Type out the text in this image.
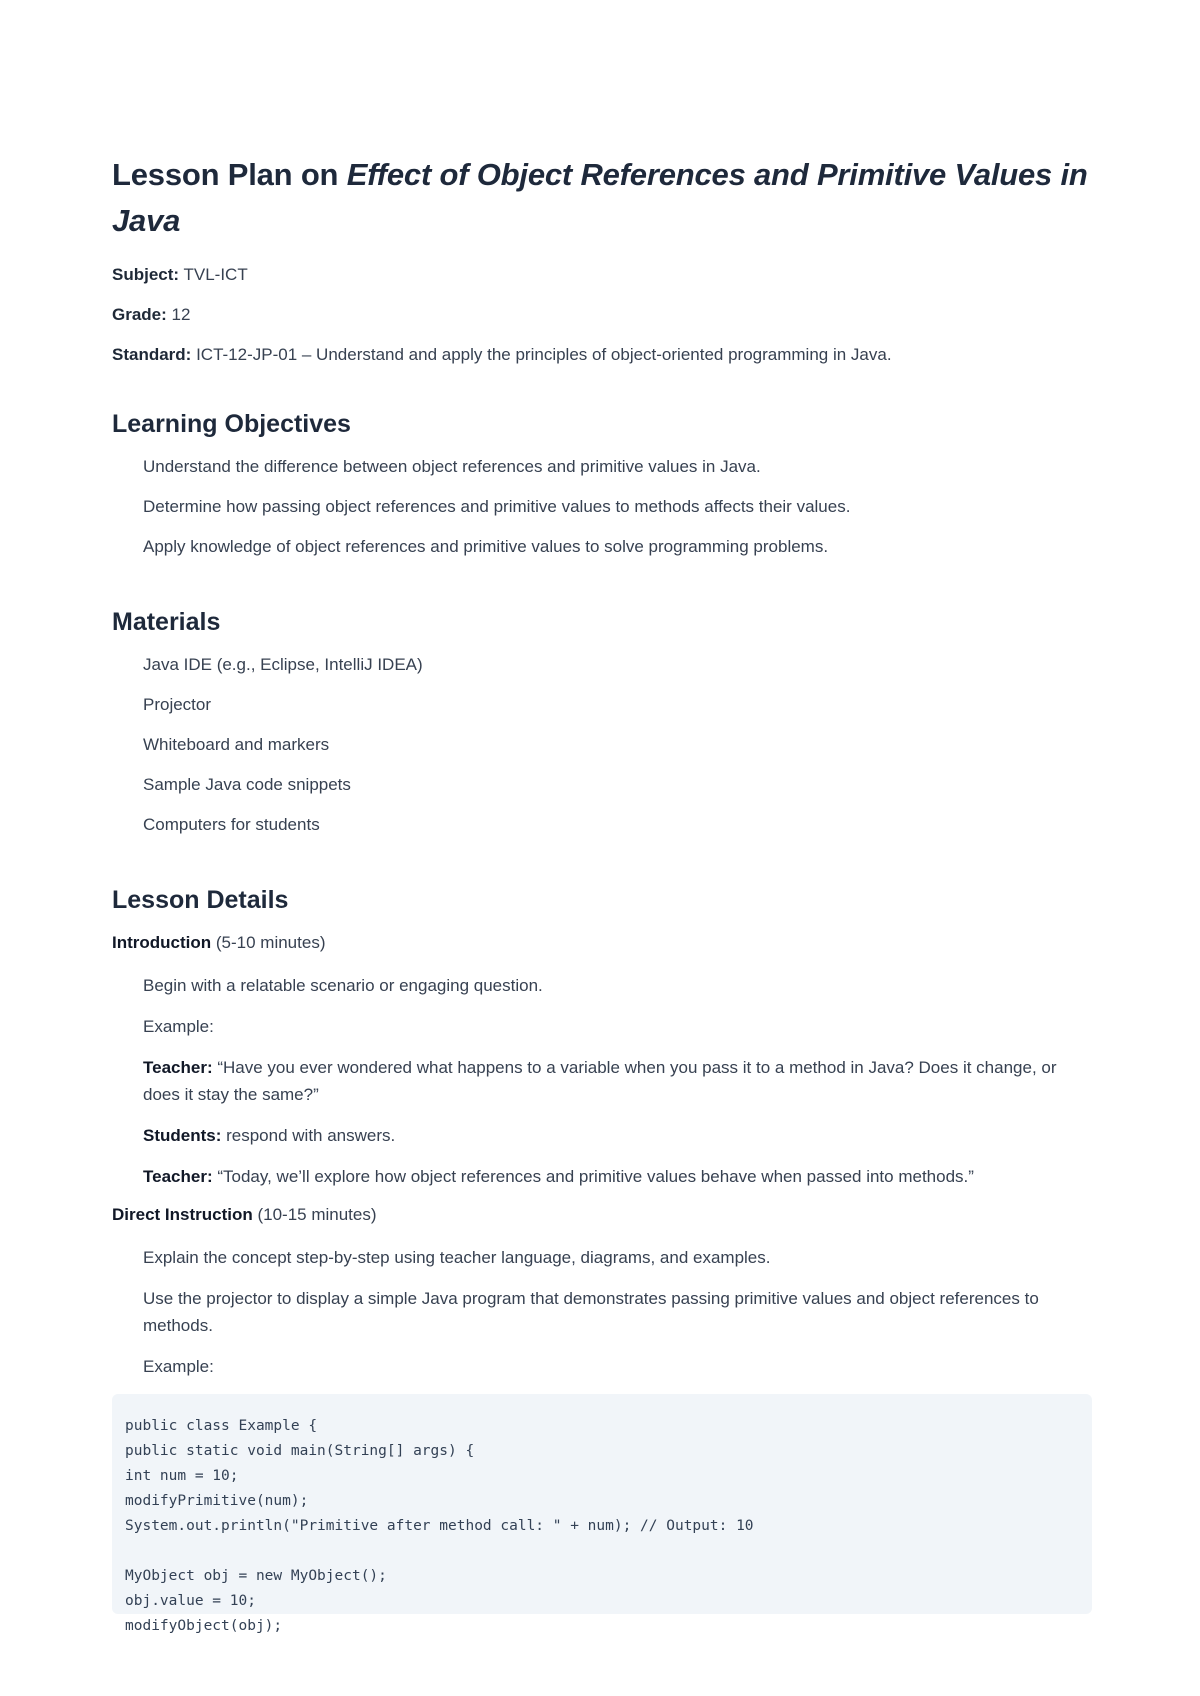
Lesson Plan on Effect of Object References and Primitive Values in Java

Subject: TVL-ICT

Grade: 12

Standard: ICT-12-JP-01 – Understand and apply the principles of object-oriented programming in Java.

Learning Objectives
Understand the difference between object references and primitive values in Java.
Determine how passing object references and primitive values to methods affects their values.
Apply knowledge of object references and primitive values to solve programming problems.
Materials
Java IDE (e.g., Eclipse, IntelliJ IDEA)
Projector
Whiteboard and markers
Sample Java code snippets
Computers for students
Lesson Details

Introduction (5-10 minutes)

Begin with a relatable scenario or engaging question.

Example:

Teacher: “Have you ever wondered what happens to a variable when you pass it to a method in Java? Does it change, or does it stay the same?”

Students: respond with answers.

Teacher: “Today, we’ll explore how object references and primitive values behave when passed into methods.”

Direct Instruction (10-15 minutes)

Explain the concept step-by-step using teacher language, diagrams, and examples.

Use the projector to display a simple Java program that demonstrates passing primitive values and object references to methods.

Example:

public class Example {
public static void main(String[] args) {
int num = 10;
modifyPrimitive(num);
System.out.println("Primitive after method call: " + num); // Output: 10

MyObject obj = new MyObject();
obj.value = 10;
modifyObject(obj);
